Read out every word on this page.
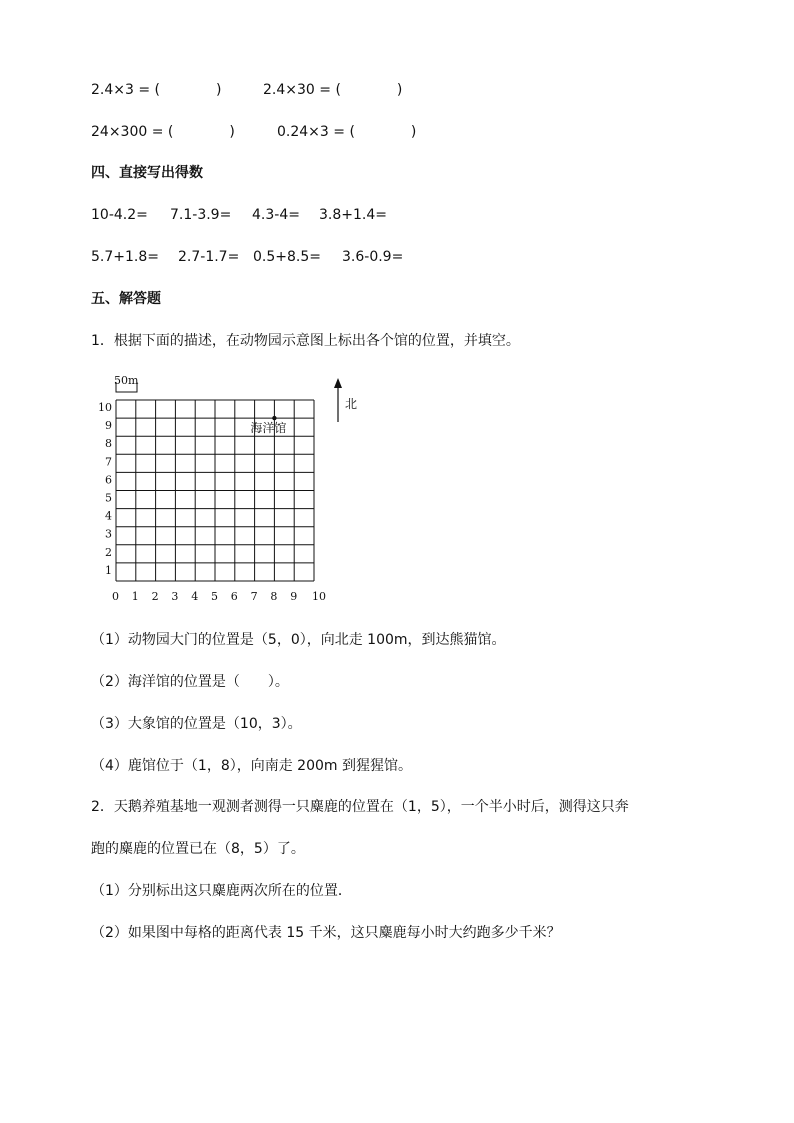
2.4×3 = (　　　　)	2.4×30 = (　　　　)
24×300 = (　　　　)	0.24×3 = (　　　　)
四、直接写出得数
10-4.2= 7.1-3.9= 4.3-4= 3.8+1.4=
5.7+1.8= 2.7-1.7= 0.5+8.5= 3.6-0.9=
五、解答题
1．根据下面的描述，在动物园示意图上标出各个馆的位置，并填空。
50m
北
0 1 2 3 4 5 6 7 8 9 10
1
2
3
4
5
6
7
8
9
10
海洋馆
（1）动物园大门的位置是（5，0），向北走 100m，到达熊猫馆。
（2）海洋馆的位置是（　　）。
（3）大象馆的位置是（10，3）。
（4）鹿馆位于（1，8），向南走 200m 到猩猩馆。
2．天鹅养殖基地一观测者测得一只麋鹿的位置在（1，5），一个半小时后，测得这只奔
跑的麋鹿的位置已在（8，5）了。
（1）分别标出这只麋鹿两次所在的位置．
（2）如果图中每格的距离代表 15 千米，这只麋鹿每小时大约跑多少千米？
